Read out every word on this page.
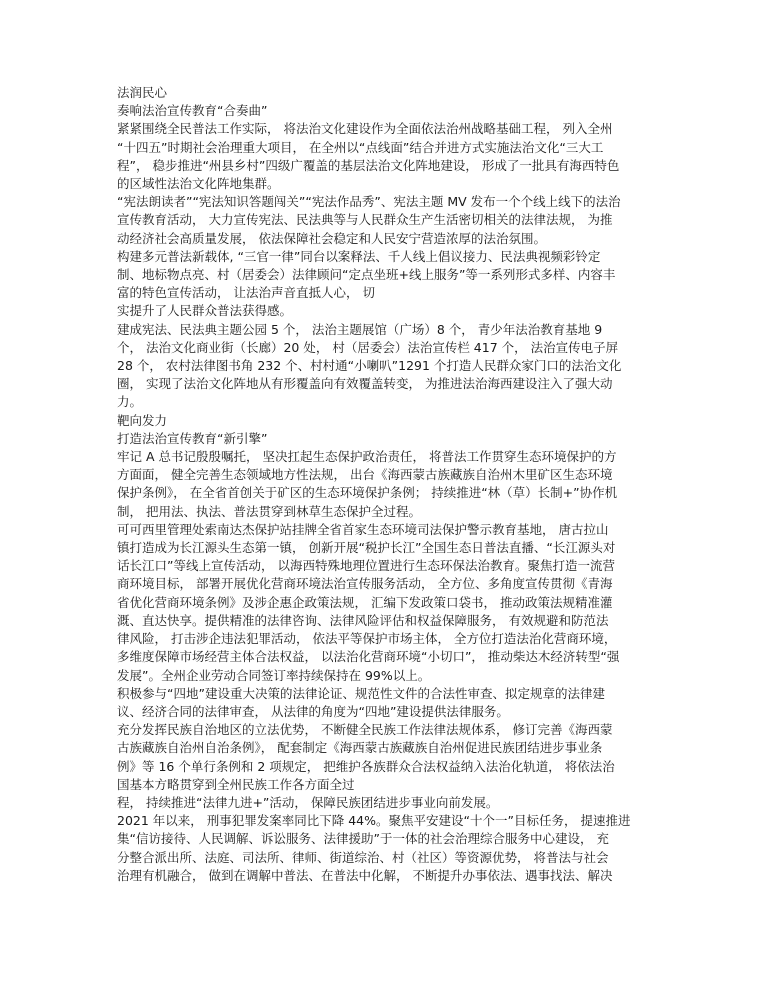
法润民心

奏响法治宣传教育“合奏曲”

紧紧围绕全民普法工作实际， 将法治文化建设作为全面依法治州战略基础工程， 列入全州

“十四五”时期社会治理重大项目， 在全州以“点线面”结合并进方式实施法治文化“三大工

程”， 稳步推进“州县乡村”四级广覆盖的基层法治文化阵地建设， 形成了一批具有海西特色

的区域性法治文化阵地集群。

“宪法朗读者”“宪法知识答题闯关”“宪法作品秀”、宪法主题 MV 发布一个个线上线下的法治

宣传教育活动， 大力宣传宪法、民法典等与人民群众生产生活密切相关的法律法规， 为推

动经济社会高质量发展， 依法保障社会稳定和人民安宁营造浓厚的法治氛围。

构建多元普法新载体, “三官一律”同台以案释法、千人线上倡议接力、民法典视频彩铃定

制、地标物点亮、村（居委会）法律顾问“定点坐班+线上服务”等一系列形式多样、内容丰

富的特色宣传活动， 让法治声音直抵人心， 切

实提升了人民群众普法获得感。

建成宪法、民法典主题公园 5 个， 法治主题展馆（广场）8 个， 青少年法治教育基地 9

个， 法治文化商业街（长廊）20 处， 村（居委会）法治宣传栏 417 个， 法治宣传电子屏

28 个， 农村法律图书角 232 个、村村通“小喇叭”1291 个打造人民群众家门口的法治文化

圈， 实现了法治文化阵地从有形覆盖向有效覆盖转变， 为推进法治海西建设注入了强大动

力。

靶向发力

打造法治宣传教育“新引擎”

牢记 A 总书记殷殷嘱托， 坚决扛起生态保护政治责任， 将普法工作贯穿生态环境保护的方

方面面， 健全完善生态领域地方性法规， 出台《海西蒙古族藏族自治州木里矿区生态环境

保护条例》， 在全省首创关于矿区的生态环境保护条例； 持续推进“林（草）长制+”协作机

制， 把用法、执法、普法贯穿到林草生态保护全过程。

可可西里管理处索南达杰保护站挂牌全省首家生态环境司法保护警示教育基地， 唐古拉山

镇打造成为长江源头生态第一镇， 创新开展“税护长江”全国生态日普法直播、“长江源头对

话长江口”等线上宣传活动， 以海西特殊地理位置进行生态环保法治教育。聚焦打造一流营

商环境目标， 部署开展优化营商环境法治宣传服务活动， 全方位、多角度宣传贯彻《青海

省优化营商环境条例》及涉企惠企政策法规， 汇编下发政策口袋书， 推动政策法规精准灌

溉、直达快享。提供精准的法律咨询、法律风险评估和权益保障服务， 有效规避和防范法

律风险， 打击涉企违法犯罪活动， 依法平等保护市场主体， 全方位打造法治化营商环境，

多维度保障市场经营主体合法权益， 以法治化营商环境“小切口”， 推动柴达木经济转型“强

发展”。全州企业劳动合同签订率持续保持在 99%以上。

积极参与“四地”建设重大决策的法律论证、规范性文件的合法性审查、拟定规章的法律建

议、经济合同的法律审查， 从法律的角度为“四地”建设提供法律服务。

充分发挥民族自治地区的立法优势， 不断健全民族工作法律法规体系， 修订完善《海西蒙

古族藏族自治州自治条例》， 配套制定《海西蒙古族藏族自治州促进民族团结进步事业条

例》等 16 个单行条例和 2 项规定， 把维护各族群众合法权益纳入法治化轨道， 将依法治

国基本方略贯穿到全州民族工作各方面全过

程， 持续推进“法律九进+”活动， 保障民族团结进步事业向前发展。

2021 年以来， 刑事犯罪发案率同比下降 44%。聚焦平安建设“十个一”目标任务， 提速推进

集“信访接待、人民调解、诉讼服务、法律援助”于一体的社会治理综合服务中心建设， 充

分整合派出所、法庭、司法所、律师、街道综治、村（社区）等资源优势， 将普法与社会

治理有机融合， 做到在调解中普法、在普法中化解， 不断提升办事依法、遇事找法、解决
